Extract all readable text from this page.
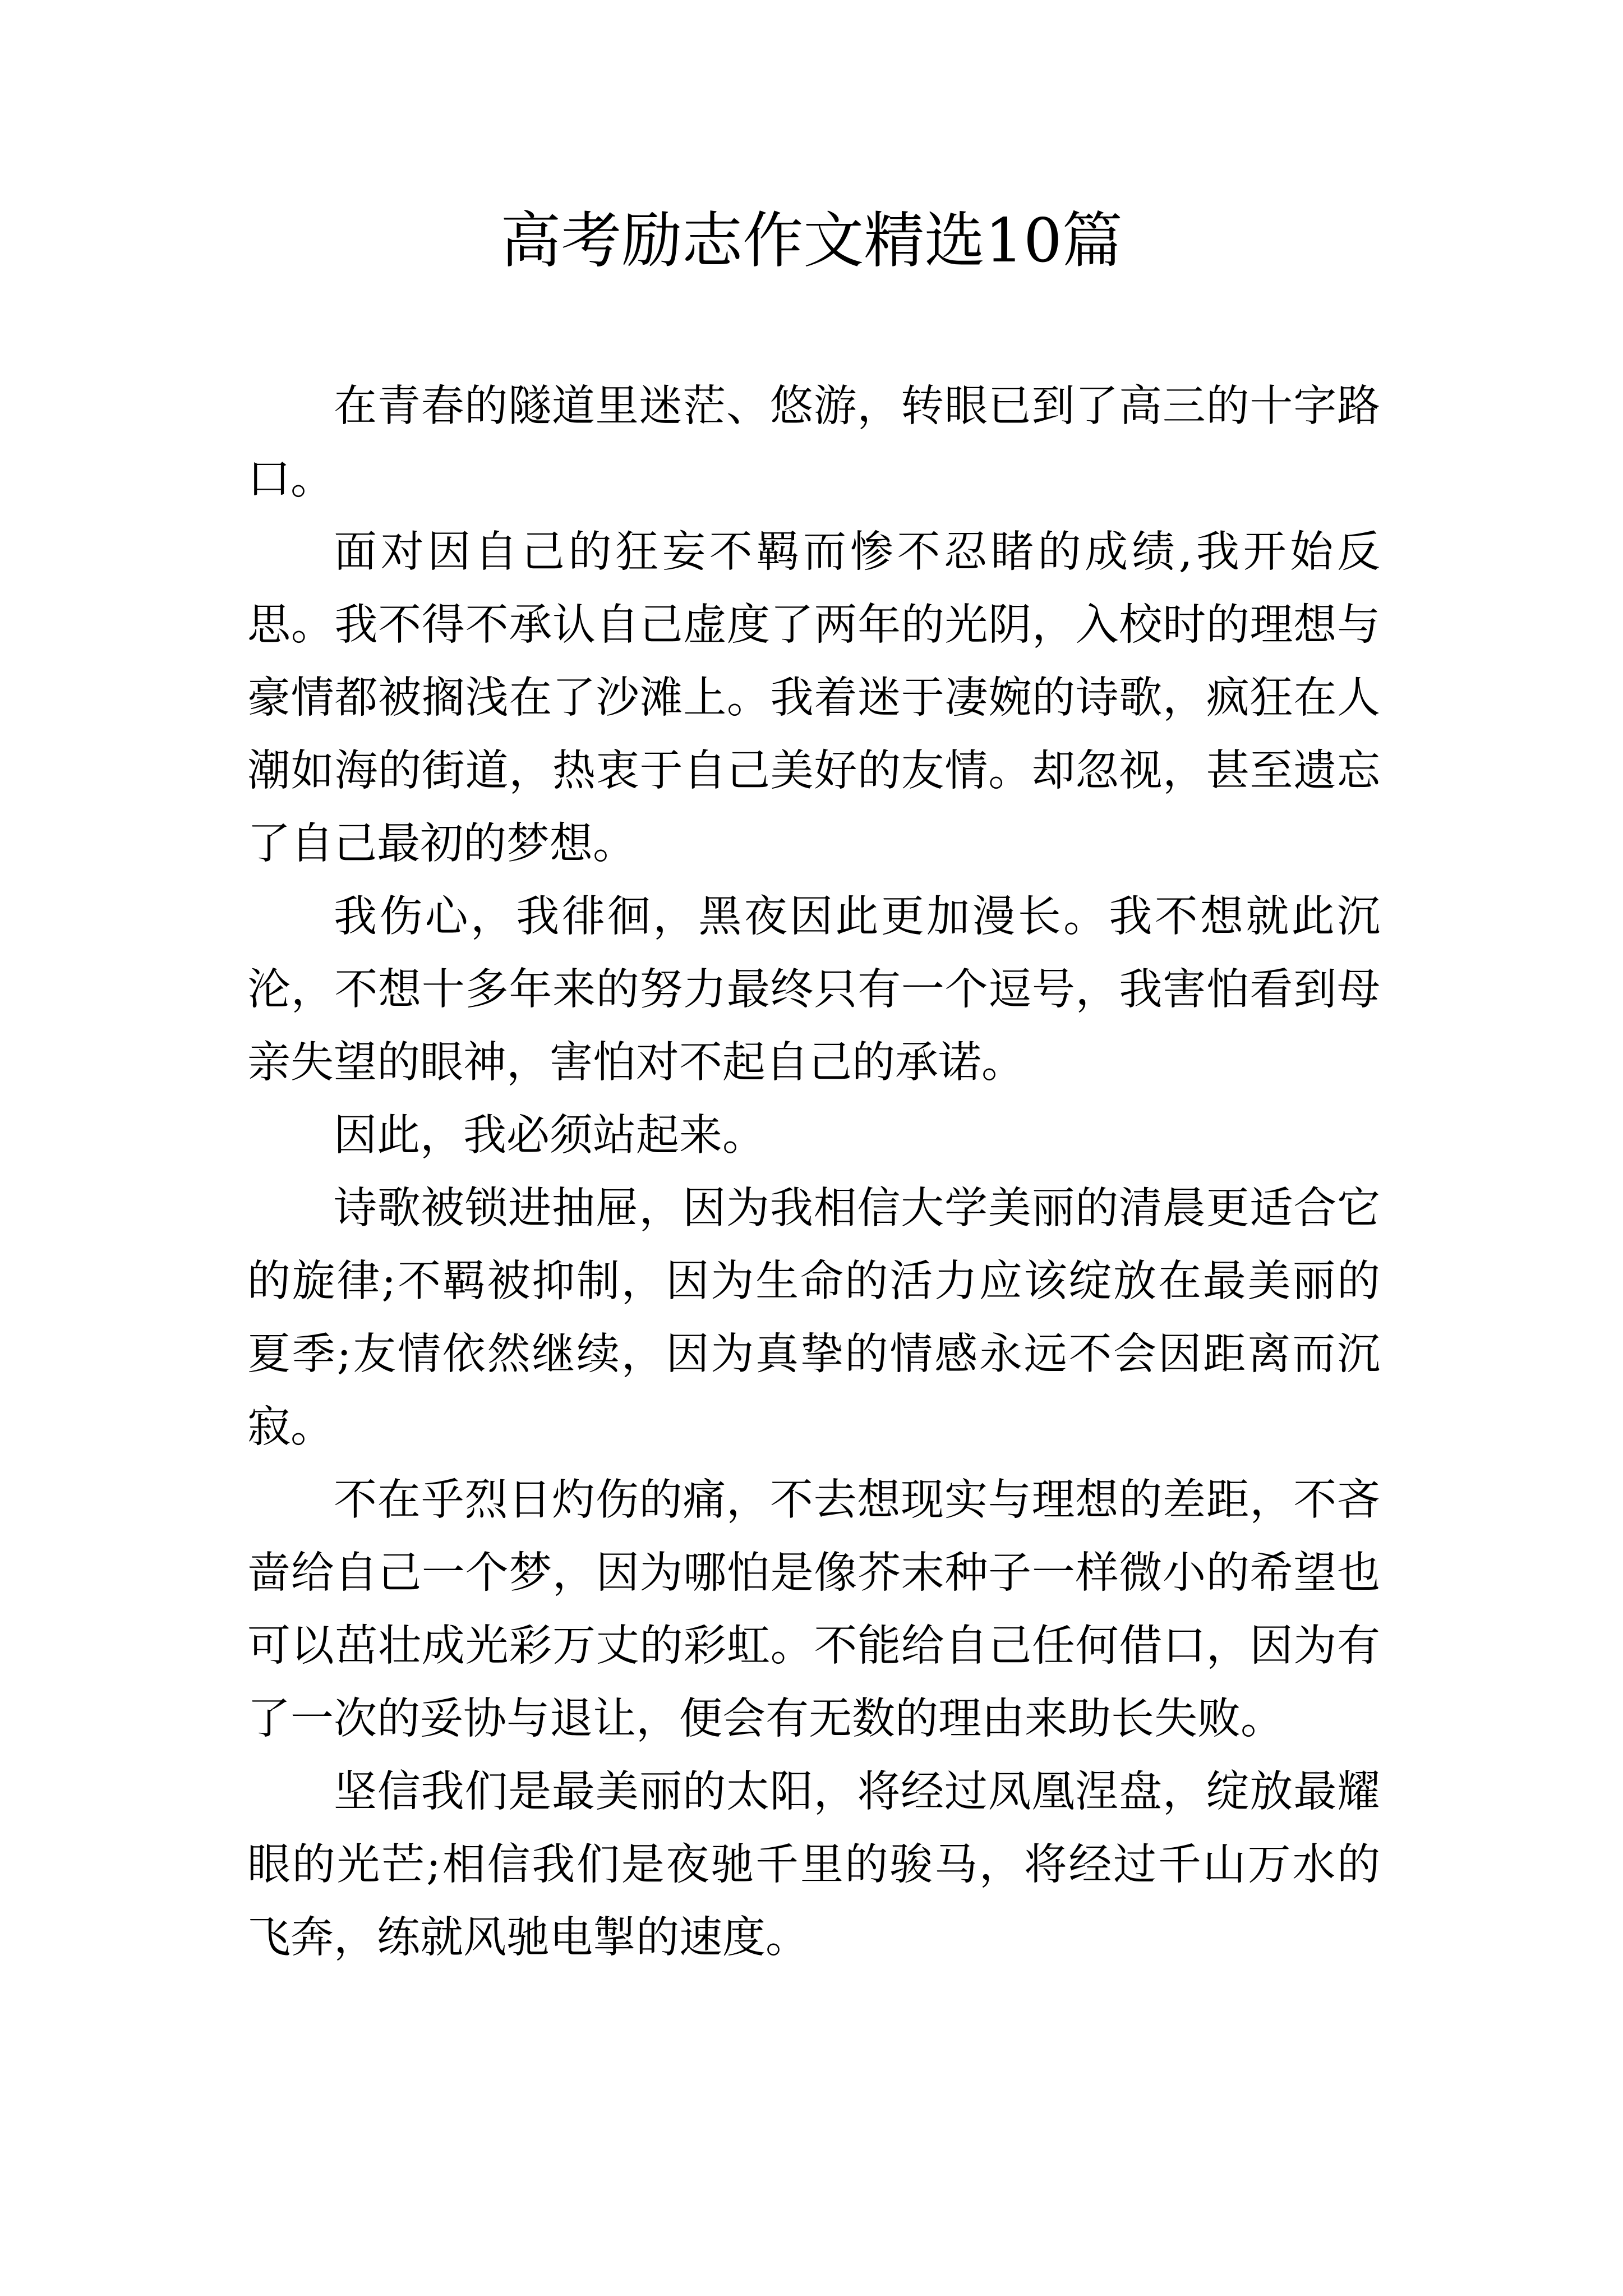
高考励志作文精选10篇

在青春的隧道里迷茫、悠游，转眼已到了高三的十字路口。

面对因自己的狂妄不羁而惨不忍睹的成绩,我开始反思。我不得不承认自己虚度了两年的光阴，入校时的理想与豪情都被搁浅在了沙滩上。我着迷于凄婉的诗歌，疯狂在人潮如海的街道，热衷于自己美好的友情。却忽视，甚至遗忘了自己最初的梦想。

我伤心，我徘徊，黑夜因此更加漫长。我不想就此沉沦，不想十多年来的努力最终只有一个逗号，我害怕看到母亲失望的眼神，害怕对不起自己的承诺。

因此，我必须站起来。

诗歌被锁进抽屉，因为我相信大学美丽的清晨更适合它的旋律;不羁被抑制，因为生命的活力应该绽放在最美丽的夏季;友情依然继续，因为真挚的情感永远不会因距离而沉寂。

不在乎烈日灼伤的痛，不去想现实与理想的差距，不吝啬给自己一个梦，因为哪怕是像芥末种子一样微小的希望也可以茁壮成光彩万丈的彩虹。不能给自己任何借口，因为有了一次的妥协与退让，便会有无数的理由来助长失败。

坚信我们是最美丽的太阳，将经过凤凰涅盘，绽放最耀眼的光芒;相信我们是夜驰千里的骏马，将经过千山万水的飞奔，练就风驰电掣的速度。
